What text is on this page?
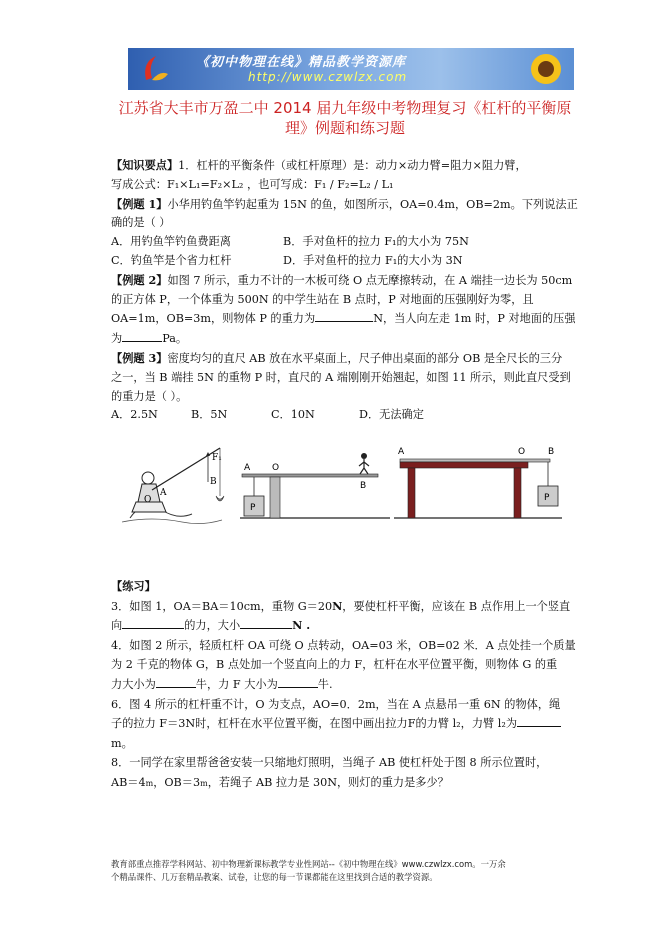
《初中物理在线》精品教学资源库
http://www.czwlzx.com
江苏省大丰市万盈二中 2014 届九年级中考物理复习《杠杆的平衡原
理》例题和练习题

【知识要点】1．杠杆的平衡条件（或杠杆原理）是：动力×动力臂=阻力×阻力臂，

写成公式：F₁×L₁=F₂×L₂ ，也可写成：F₁ / F₂=L₂ / L₁

【例题 1】小华用钓鱼竿钓起重为 15N 的鱼，如图所示，OA=0.4m，OB=2m。下列说法正

确的是（ ）

A．用钓鱼竿钓鱼费距离	B．手对鱼杆的拉力 F₁的大小为 75N

C．钓鱼竿是个省力杠杆	D．手对鱼杆的拉力 F₁的大小为 3N

【例题 2】如图 7 所示，重力不计的一木板可绕 O 点无摩擦转动，在 A 端挂一边长为 50cm

的正方体 P，一个体重为 500N 的中学生站在 B 点时，P 对地面的压强刚好为零，且

OA=1m，OB=3m，则物体 P 的重力为	N，当人向左走 1m 时，P 对地面的压强

为	Pa。

【例题 3】密度均匀的直尺 AB 放在水平桌面上，尺子伸出桌面的部分 OB 是全尺长的三分

之一，当 B 端挂 5N 的重物 P 时，直尺的 A 端刚刚开始翘起，如图 11 所示，则此直尺受到

的重力是（ ）。

A．2.5N	B．5N	C．10N	D．无法确定

F₁
B
O
A
A O
B
P
A	O	B
P

【练习】

3．如图 1，OA＝BA＝10cm，重物 G＝20N，要使杠杆平衡，应该在 B 点作用上一个竖直

向	的力，大小	N .

4．如图 2 所示，轻质杠杆 OA 可绕 O 点转动，OA=03 米，OB=02 米．A 点处挂一个质量

为 2 千克的物体 G，B 点处加一个竖直向上的力 F，杠杆在水平位置平衡，则物体 G 的重

力大小为	牛，力 F 大小为	牛.

6．图 4 所示的杠杆重不计，O 为支点，AO=0．2m，当在 A 点悬吊一重 6N 的物体，绳

子的拉力 F＝3N时，杠杆在水平位置平衡，在图中画出拉力F的力臂 l₂，力臂 l₂为m。

8．一同学在家里帮爸爸安装一只缩地灯照明，当绳子 AB 使杠杆处于图 8 所示位置时，

AB＝4m，OB＝3m，若绳子 AB 拉力是 30N，则灯的重力是多少？

教育部重点推荐学科网站、初中物理新课标教学专业性网站--《初中物理在线》www.czwlzx.com。一万余
个精品课件、几万套精品教案、试卷，让您的每一节课都能在这里找到合适的教学资源。
